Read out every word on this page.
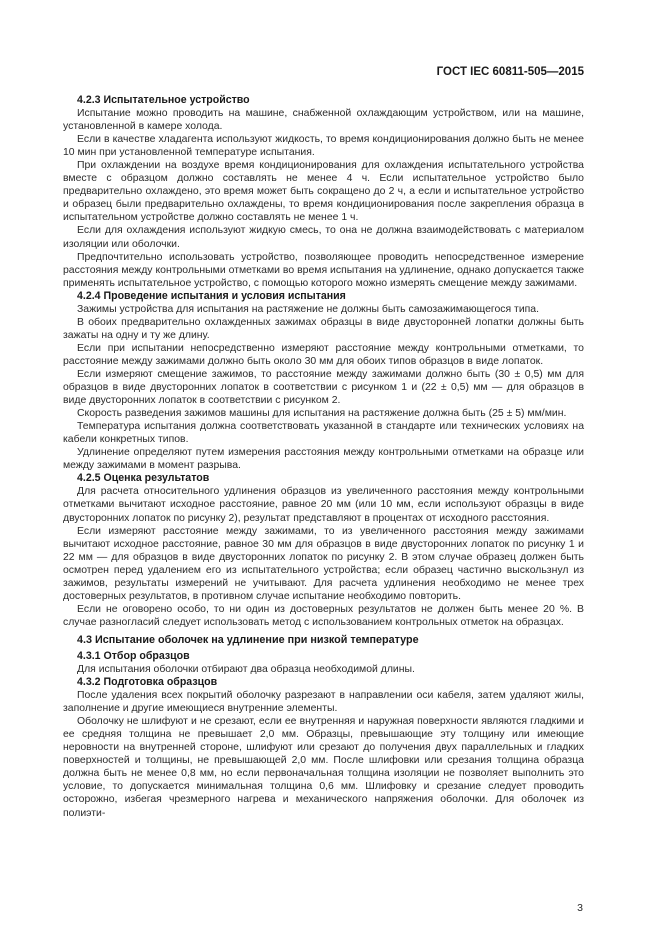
ГОСТ IEC 60811-505—2015
4.2.3 Испытательное устройство

Испытание можно проводить на машине, снабженной охлаждающим устройством, или на машине, установленной в камере холода.

Если в качестве хладагента используют жидкость, то время кондиционирования должно быть не менее 10 мин при установленной температуре испытания.

При охлаждении на воздухе время кондиционирования для охлаждения испытательного устройства вместе с образцом должно составлять не менее 4 ч. Если испытательное устройство было предварительно охлаждено, это время может быть сокращено до 2 ч, а если и испытательное устройство и образец были предварительно охлаждены, то время кондиционирования после закрепления образца в испытательном устройстве должно составлять не менее 1 ч.

Если для охлаждения используют жидкую смесь, то она не должна взаимодействовать с материалом изоляции или оболочки.

Предпочтительно использовать устройство, позволяющее проводить непосредственное измерение расстояния между контрольными отметками во время испытания на удлинение, однако допускается также применять испытательное устройство, с помощью которого можно измерять смещение между зажимами.

4.2.4 Проведение испытания и условия испытания

Зажимы устройства для испытания на растяжение не должны быть самозажимающегося типа.

В обоих предварительно охлажденных зажимах образцы в виде двусторонней лопатки должны быть зажаты на одну и ту же длину.

Если при испытании непосредственно измеряют расстояние между контрольными отметками, то расстояние между зажимами должно быть около 30 мм для обоих типов образцов в виде лопаток.

Если измеряют смещение зажимов, то расстояние между зажимами должно быть (30 ± 0,5) мм для образцов в виде двусторонних лопаток в соответствии с рисунком 1 и (22 ± 0,5) мм — для образцов в виде двусторонних лопаток в соответствии с рисунком 2.

Скорость разведения зажимов машины для испытания на растяжение должна быть (25 ± 5) мм/мин.

Температура испытания должна соответствовать указанной в стандарте или технических условиях на кабели конкретных типов.

Удлинение определяют путем измерения расстояния между контрольными отметками на образце или между зажимами в момент разрыва.

4.2.5 Оценка результатов

Для расчета относительного удлинения образцов из увеличенного расстояния между контрольными отметками вычитают исходное расстояние, равное 20 мм (или 10 мм, если используют образцы в виде двусторонних лопаток по рисунку 2), результат представляют в процентах от исходного расстояния.

Если измеряют расстояние между зажимами, то из увеличенного расстояния между зажимами вычитают исходное расстояние, равное 30 мм для образцов в виде двусторонних лопаток по рисунку 1 и 22 мм — для образцов в виде двусторонних лопаток по рисунку 2. В этом случае образец должен быть осмотрен перед удалением его из испытательного устройства; если образец частично выскользнул из зажимов, результаты измерений не учитывают. Для расчета удлинения необходимо не менее трех достоверных результатов, в противном случае испытание необходимо повторить.

Если не оговорено особо, то ни один из достоверных результатов не должен быть менее 20 %. В случае разногласий следует использовать метод с использованием контрольных отметок на образцах.

4.3 Испытание оболочек на удлинение при низкой температуре
4.3.1 Отбор образцов

Для испытания оболочки отбирают два образца необходимой длины.

4.3.2 Подготовка образцов

После удаления всех покрытий оболочку разрезают в направлении оси кабеля, затем удаляют жилы, заполнение и другие имеющиеся внутренние элементы.

Оболочку не шлифуют и не срезают, если ее внутренняя и наружная поверхности являются гладкими и ее средняя толщина не превышает 2,0 мм. Образцы, превышающие эту толщину или имеющие неровности на внутренней стороне, шлифуют или срезают до получения двух параллельных и гладких поверхностей и толщины, не превышающей 2,0 мм. После шлифовки или срезания толщина образца должна быть не менее 0,8 мм, но если первоначальная толщина изоляции не позволяет выполнить это условие, то допускается минимальная толщина 0,6 мм. Шлифовку и срезание следует проводить осторожно, избегая чрезмерного нагрева и механического напряжения оболочки. Для оболочек из полиэти-

3
